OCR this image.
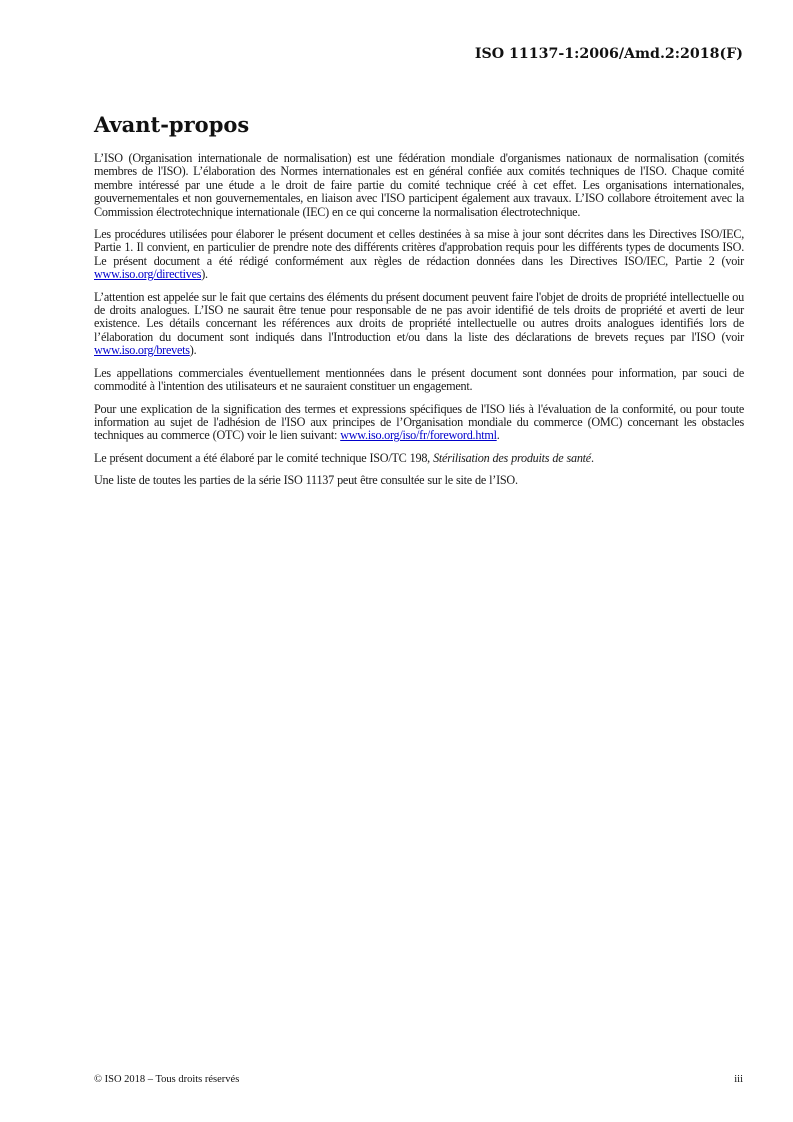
ISO 11137-1:2006/Amd.2:2018(F)
Avant-propos

L’ISO (Organisation internationale de normalisation) est une fédération mondiale d'organismes nationaux de normalisation (comités membres de l'ISO). L’élaboration des Normes internationales est en général confiée aux comités techniques de l'ISO. Chaque comité membre intéressé par une étude a le droit de faire partie du comité technique créé à cet effet. Les organisations internationales, gouvernementales et non gouvernementales, en liaison avec l'ISO participent également aux travaux. L’ISO collabore étroitement avec la Commission électrotechnique internationale (IEC) en ce qui concerne la normalisation électrotechnique.

Les procédures utilisées pour élaborer le présent document et celles destinées à sa mise à jour sont décrites dans les Directives ISO/IEC, Partie 1. Il convient, en particulier de prendre note des différents critères d'approbation requis pour les différents types de documents ISO. Le présent document a été rédigé conformément aux règles de rédaction données dans les Directives ISO/IEC, Partie 2 (voir www.iso.org/directives).

L’attention est appelée sur le fait que certains des éléments du présent document peuvent faire l'objet de droits de propriété intellectuelle ou de droits analogues. L’ISO ne saurait être tenue pour responsable de ne pas avoir identifié de tels droits de propriété et averti de leur existence. Les détails concernant les références aux droits de propriété intellectuelle ou autres droits analogues identifiés lors de l’élaboration du document sont indiqués dans l'Introduction et/ou dans la liste des déclarations de brevets reçues par l'ISO (voir www.iso.org/brevets).

Les appellations commerciales éventuellement mentionnées dans le présent document sont données pour information, par souci de commodité à l'intention des utilisateurs et ne sauraient constituer un engagement.

Pour une explication de la signification des termes et expressions spécifiques de l'ISO liés à l'évaluation de la conformité, ou pour toute information au sujet de l'adhésion de l'ISO aux principes de l’Organisation mondiale du commerce (OMC) concernant les obstacles techniques au commerce (OTC) voir le lien suivant: www.iso.org/iso/fr/foreword.html.

Le présent document a été élaboré par le comité technique ISO/TC 198, Stérilisation des produits de santé.

Une liste de toutes les parties de la série ISO 11137 peut être consultée sur le site de l’ISO.

© ISO 2018 – Tous droits réservés	iii
